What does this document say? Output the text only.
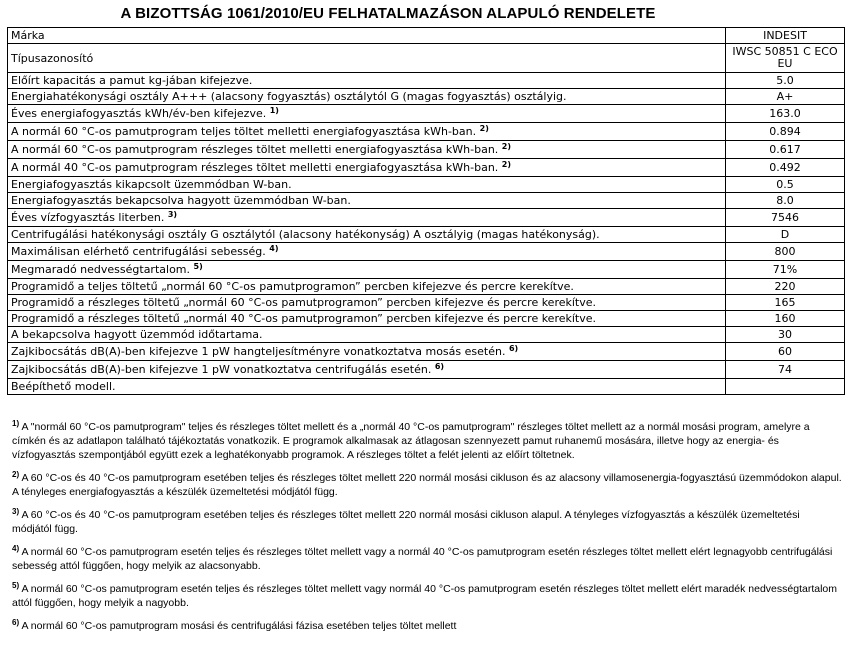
A BIZOTTSÁG 1061/2010/EU FELHATALMAZÁSON ALAPULÓ RENDELETE
Márka	INDESIT
Típusazonosító	IWSC 50851 C ECO EU
Előírt kapacitás a pamut kg-jában kifejezve.	5.0
Energiahatékonysági osztály A+++ (alacsony fogyasztás) osztálytól G (magas fogyasztás) osztályig.	A+
Éves energiafogyasztás kWh/év-ben kifejezve. $^{1)}$	163.0
A normál 60 °C-os pamutprogram teljes töltet melletti energiafogyasztása kWh-ban. $^{2)}$	0.894
A normál 60 °C-os pamutprogram részleges töltet melletti energiafogyasztása kWh-ban. $^{2)}$	0.617
A normál 40 °C-os pamutprogram részleges töltet melletti energiafogyasztása kWh-ban. $^{2)}$	0.492
Energiafogyasztás kikapcsolt üzemmódban W-ban.	0.5
Energiafogyasztás bekapcsolva hagyott üzemmódban W-ban.	8.0
Éves vízfogyasztás literben. $^{3)}$	7546
Centrifugálási hatékonysági osztály G osztálytól (alacsony hatékonyság) A osztályig (magas hatékonyság).	D
Maximálisan elérhető centrifugálási sebesség. $^{4)}$	800
Megmaradó nedvességtartalom. $^{5)}$	71%
Programidő a teljes töltetű „normál 60 °C-os pamutprogramon” percben kifejezve és percre kerekítve.	220
Programidő a részleges töltetű „normál 60 °C-os pamutprogramon” percben kifejezve és percre kerekítve.	165
Programidő a részleges töltetű „normál 40 °C-os pamutprogramon” percben kifejezve és percre kerekítve.	160
A bekapcsolva hagyott üzemmód időtartama.	30
Zajkibocsátás dB(A)-ben kifejezve 1 pW hangteljesítményre vonatkoztatva mosás esetén. $^{6)}$	60
Zajkibocsátás dB(A)-ben kifejezve 1 pW vonatkoztatva centrifugálás esetén. $^{6)}$	74
Beépíthető modell.	
$^{1)}$ A "normál 60 °C-os pamutprogram" teljes és részleges töltet mellett és a „normál 40 °C-os pamutprogram" részleges töltet mellett az a normál mosási program, amelyre a címkén és az adatlapon található tájékoztatás vonatkozik. E programok alkalmasak az átlagosan szennyezett pamut ruhanemű mosására, illetve hogy az energia- és vízfogyasztás szempontjából együtt ezek a leghatékonyabb programok. A részleges töltet a felét jelenti az előírt töltetnek.
$^{2)}$ A 60 °C-os és 40 °C-os pamutprogram esetében teljes és részleges töltet mellett 220 normál mosási cikluson és az alacsony villamosenergia-fogyasztású üzemmódokon alapul. A tényleges energiafogyasztás a készülék üzemeltetési módjától függ.
$^{3)}$ A 60 °C-os és 40 °C-os pamutprogram esetében teljes és részleges töltet mellett 220 normál mosási cikluson alapul. A tényleges vízfogyasztás a készülék üzemeltetési módjától függ.
$^{4)}$ A normál 60 °C-os pamutprogram esetén teljes és részleges töltet mellett vagy a normál 40 °C-os pamutprogram esetén részleges töltet mellett elért legnagyobb centrifugálási sebesség attól függően, hogy melyik az alacsonyabb.
$^{5)}$ A normál 60 °C-os pamutprogram esetén teljes és részleges töltet mellett vagy normál 40 °C-os pamutprogram esetén részleges töltet mellett elért maradék nedvességtartalom attól függően, hogy melyik a nagyobb.
$^{6)}$ A normál 60 °C-os pamutprogram mosási és centrifugálási fázisa esetében teljes töltet mellett
